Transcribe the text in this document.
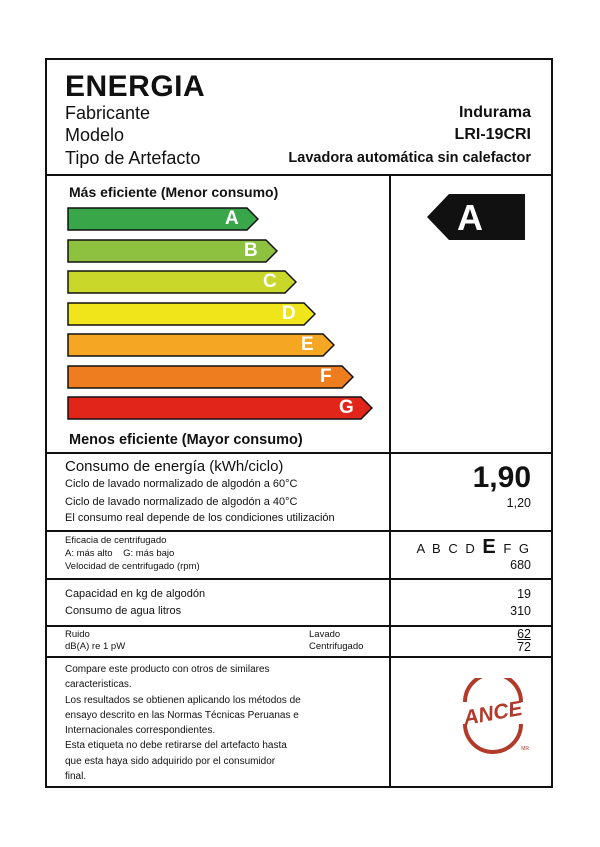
ENERGIA
Fabricante
Modelo
Tipo de Artefacto
Indurama
LRI-19CRI
Lavadora automática sin calefactor
Más eficiente (Menor consumo)
A
B
C
D
E
F
G
Menos eficiente (Mayor consumo)
A
Consumo de energía (kWh/ciclo)
Ciclo de lavado normalizado de algodón a 60°C
Ciclo de lavado normalizado de algodón a 40°C
El consumo real depende de los condiciones utilización
1,90
1,20
Eficacia de centrifugado
A: más alto    G: más bajo
Velocidad de centrifugado (rpm)
A B C D E F G
680
Capacidad en kg de algodón	19
Consumo de agua litros	310
Ruido
dB(A) re 1 pW
Lavado
Centrifugado
62
72
Compare este producto con otros de similares
caracteristicas.
Los resultados se obtienen aplicando los métodos de
ensayo descrito en las Normas Técnicas Peruanas e
Internacionales correspondientes.
Esta etiqueta no debe retirarse del artefacto hasta
que esta haya sido adquirido por el consumidor
final.
ANCE
MR
